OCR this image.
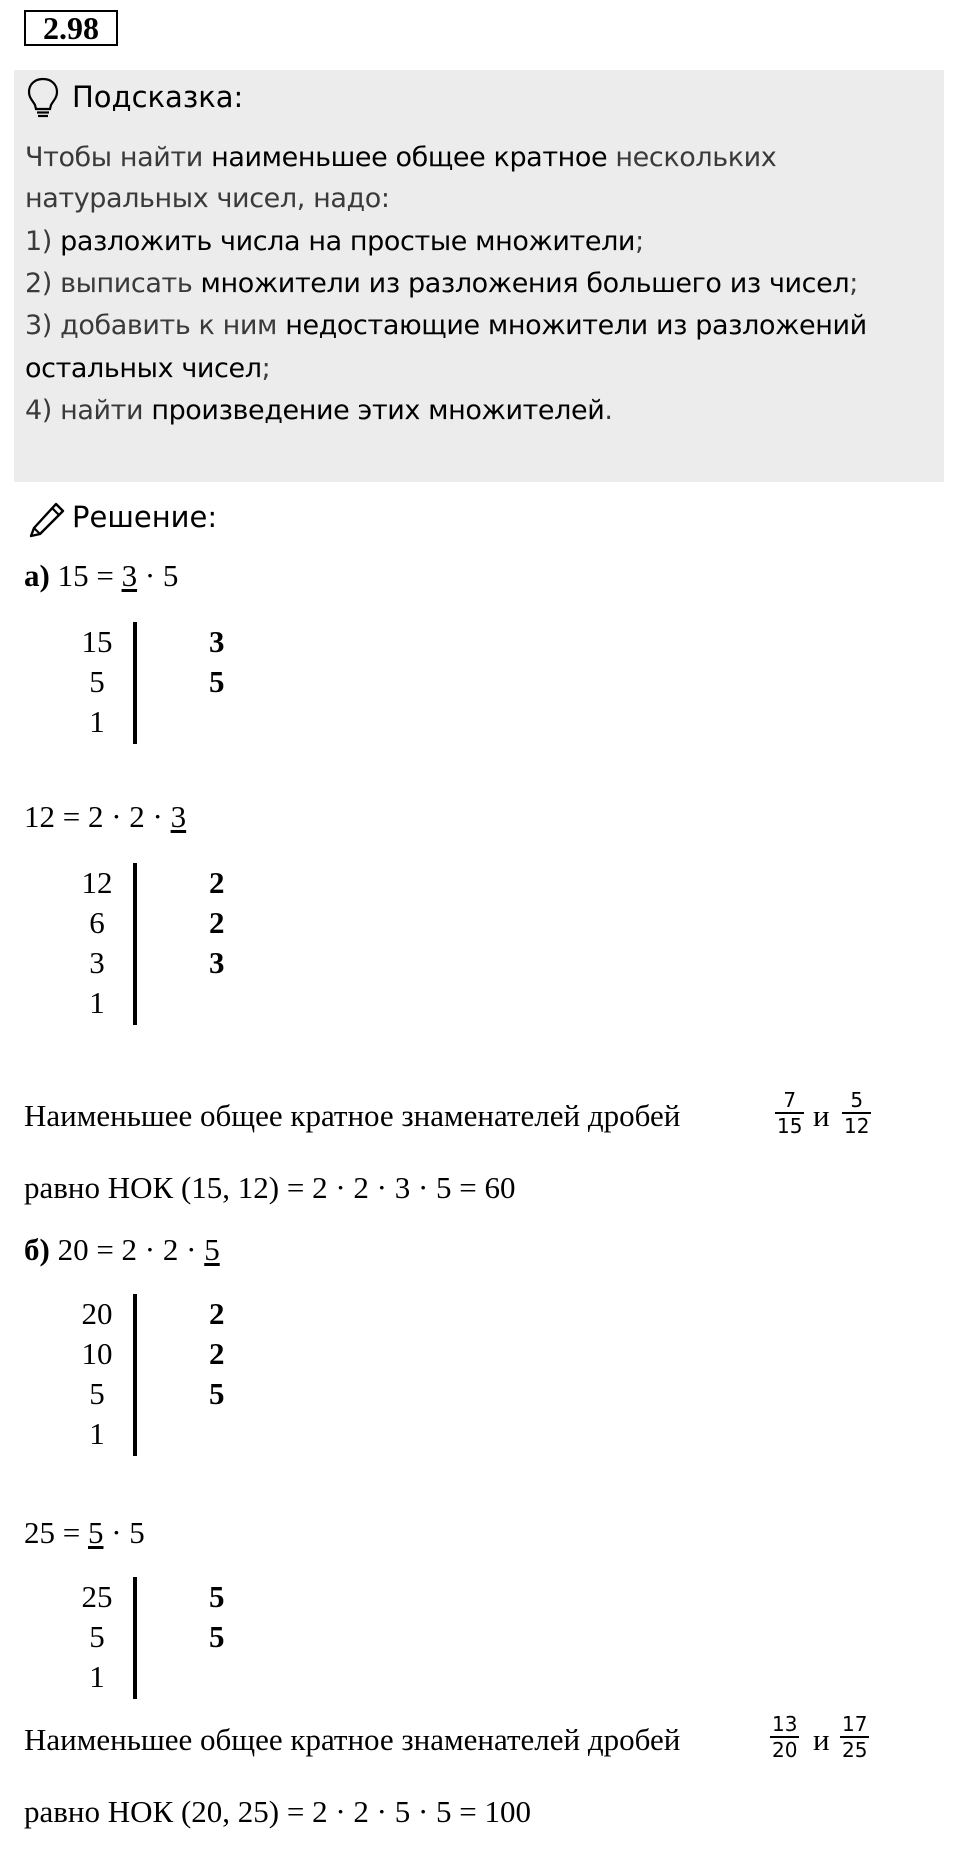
2.98
Подсказка:
Чтобы найти наименьшее общее кратное нескольких
натуральных чисел, надо:
1) разложить числа на простые множители;
2) выписать множители из разложения большего из чисел;
3) добавить к ним недостающие множители из разложений
остальных чисел;
4) найти произведение этих множителей.
Решение:
а) 15 = 3 · 5
15
5
1
3
5
12 = 2 · 2 · 3
12
6
3
1
2
2
3
Наименьшее общее кратное знаменателей дробей	$\frac{7}{15}$ и $\frac{5}{12}$
равно НОК (15, 12) = 2 · 2 · 3 · 5 = 60
б) 20 = 2 · 2 · 5
20
10
5
1
2
2
5
25 = 5 · 5
25
5
1
5
5
Наименьшее общее кратное знаменателей дробей	$\frac{13}{20}$ и $\frac{17}{25}$
равно НОК (20, 25) = 2 · 2 · 5 · 5 = 100
